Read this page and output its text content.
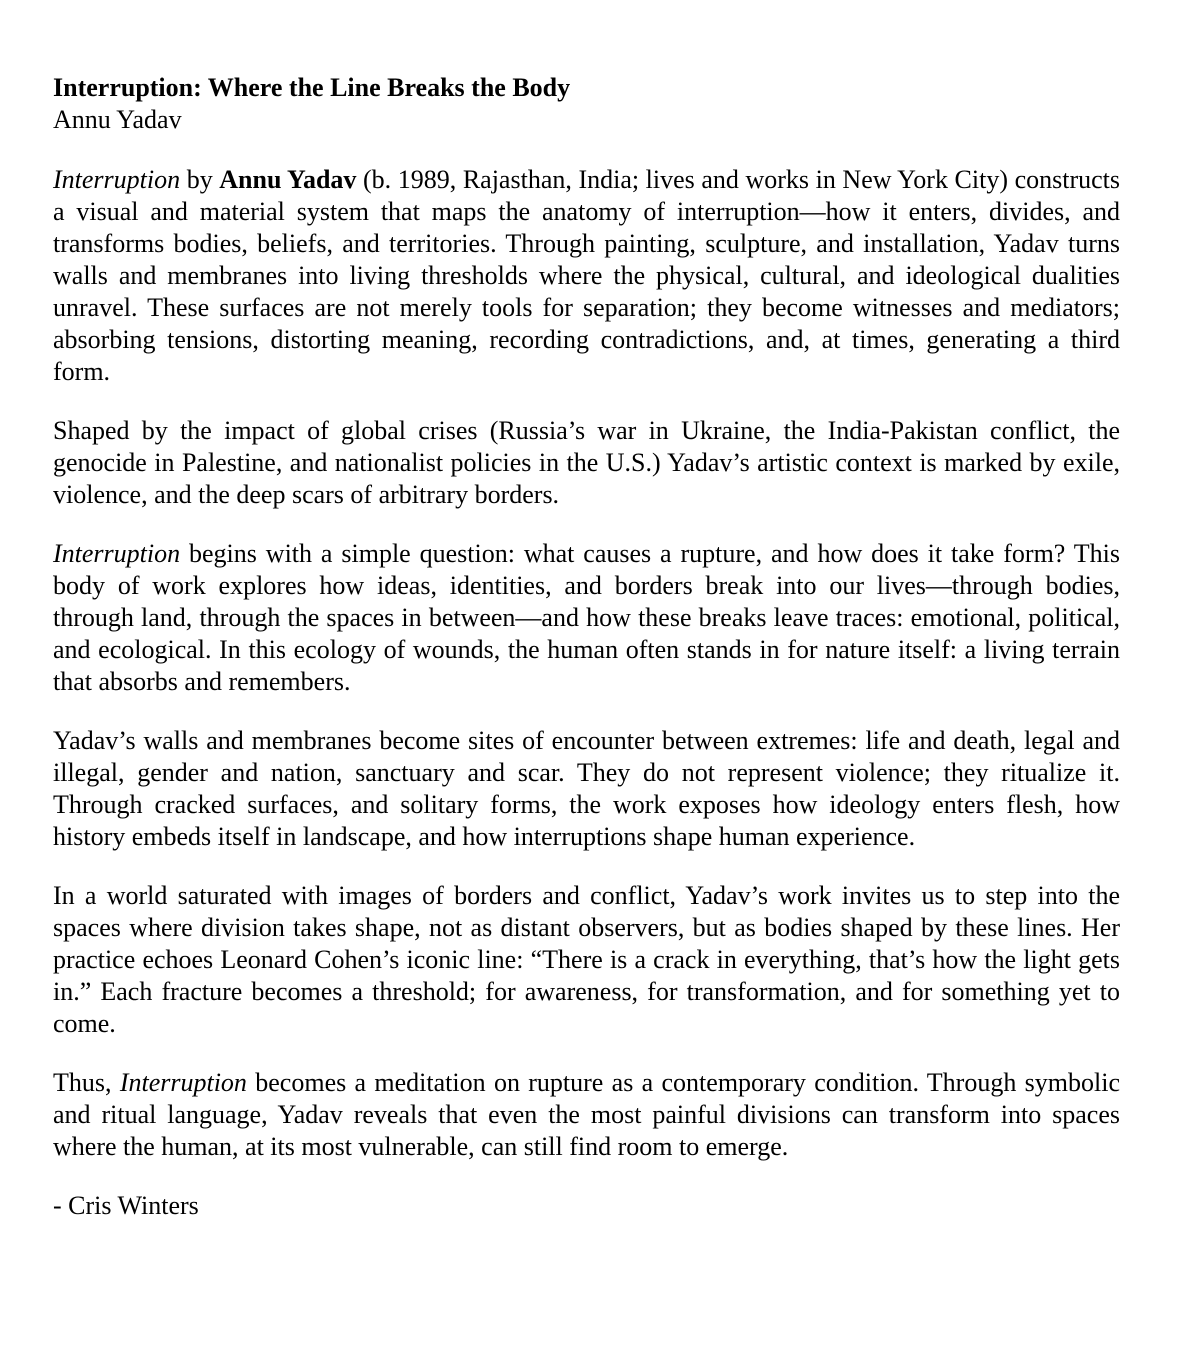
Interruption: Where the Line Breaks the Body
Annu Yadav

Interruption by Annu Yadav (b. 1989, Rajasthan, India; lives and works in New York City) constructs a visual and material system that maps the anatomy of interruption—how it enters, divides, and transforms bodies, beliefs, and territories. Through painting, sculpture, and installation, Yadav turns walls and membranes into living thresholds where the physical, cultural, and ideological dualities unravel. These surfaces are not merely tools for separation; they become witnesses and mediators; absorbing tensions, distorting meaning, recording contradictions, and, at times, generating a third form.

Shaped by the impact of global crises (Russia’s war in Ukraine, the India-Pakistan conflict, the genocide in Palestine, and nationalist policies in the U.S.) Yadav’s artistic context is marked by exile, violence, and the deep scars of arbitrary borders.

Interruption begins with a simple question: what causes a rupture, and how does it take form? This body of work explores how ideas, identities, and borders break into our lives—through bodies, through land, through the spaces in between—and how these breaks leave traces: emotional, political, and ecological. In this ecology of wounds, the human often stands in for nature itself: a living terrain that absorbs and remembers.

Yadav’s walls and membranes become sites of encounter between extremes: life and death, legal and illegal, gender and nation, sanctuary and scar. They do not represent violence; they ritualize it. Through cracked surfaces, and solitary forms, the work exposes how ideology enters flesh, how history embeds itself in landscape, and how interruptions shape human experience.

In a world saturated with images of borders and conflict, Yadav’s work invites us to step into the spaces where division takes shape, not as distant observers, but as bodies shaped by these lines. Her practice echoes Leonard Cohen’s iconic line: “There is a crack in everything, that’s how the light gets in.” Each fracture becomes a threshold; for awareness, for transformation, and for something yet to come.

Thus, Interruption becomes a meditation on rupture as a contemporary condition. Through symbolic and ritual language, Yadav reveals that even the most painful divisions can transform into spaces where the human, at its most vulnerable, can still find room to emerge.

- Cris Winters
